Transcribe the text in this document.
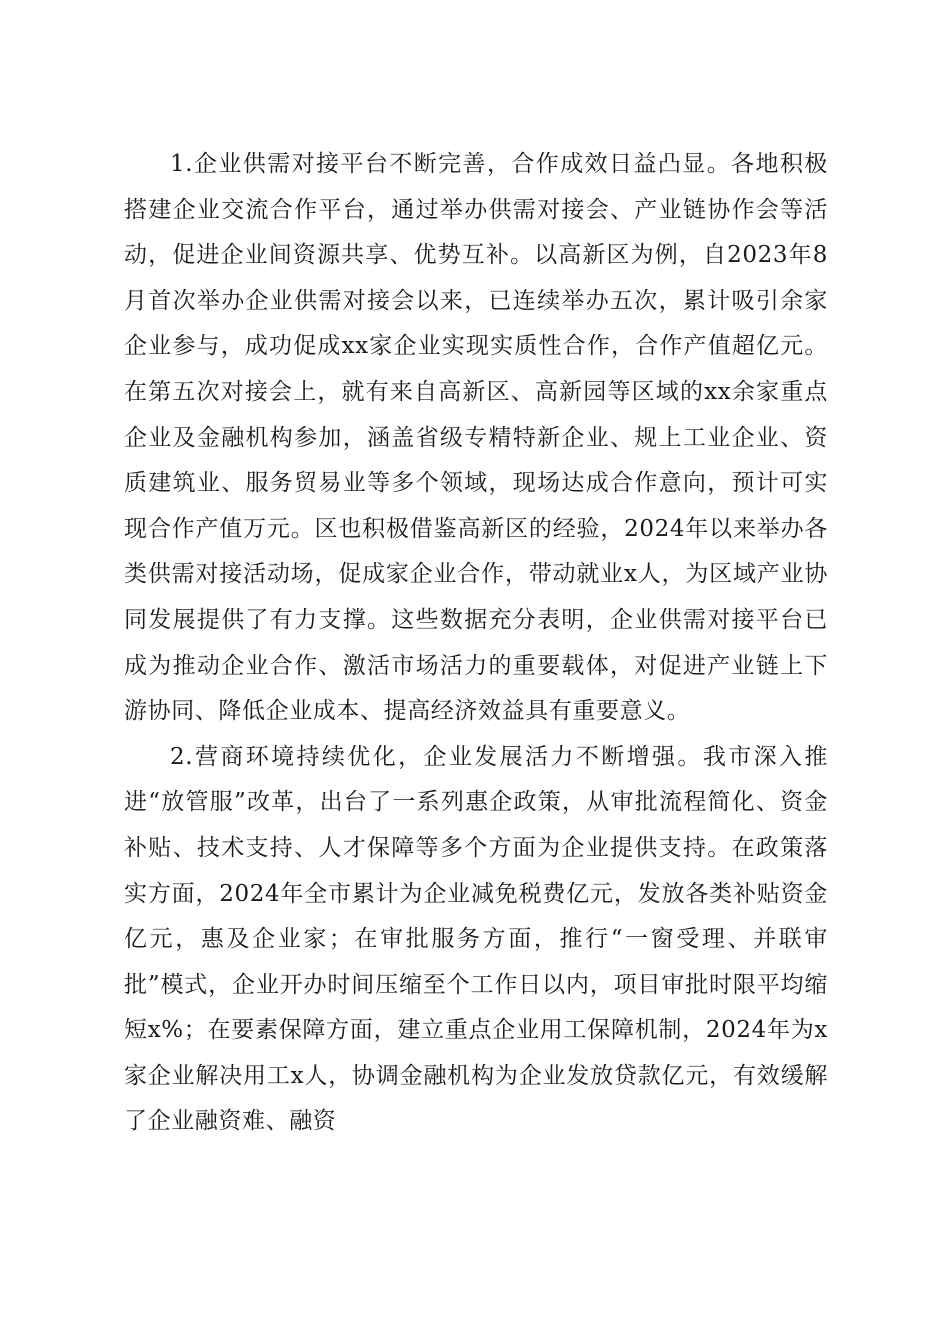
1.企业供需对接平台不断完善，合作成效日益凸显。各地积极搭建企业交流合作平台，通过举办供需对接会、产业链协作会等活动，促进企业间资源共享、优势互补。以高新区为例，自2023年8月首次举办企业供需对接会以来，已连续举办五次，累计吸引余家企业参与，成功促成xx家企业实现实质性合作，合作产值超亿元。在第五次对接会上，就有来自高新区、高新园等区域的xx余家重点企业及金融机构参加，涵盖省级专精特新企业、规上工业企业、资质建筑业、服务贸易业等多个领域，现场达成合作意向，预计可实现合作产值万元。区也积极借鉴高新区的经验，2024年以来举办各类供需对接活动场，促成家企业合作，带动就业x人，为区域产业协同发展提供了有力支撑。这些数据充分表明，企业供需对接平台已成为推动企业合作、激活市场活力的重要载体，对促进产业链上下游协同、降低企业成本、提高经济效益具有重要意义。

2.营商环境持续优化，企业发展活力不断增强。我市深入推进“放管服”改革，出台了一系列惠企政策，从审批流程简化、资金补贴、技术支持、人才保障等多个方面为企业提供支持。在政策落实方面，2024年全市累计为企业减免税费亿元，发放各类补贴资金亿元，惠及企业家；在审批服务方面，推行“一窗受理、并联审批”模式，企业开办时间压缩至个工作日以内，项目审批时限平均缩短x%；在要素保障方面，建立重点企业用工保障机制，2024年为x家企业解决用工x人，协调金融机构为企业发放贷款亿元，有效缓解了企业融资难、融资
